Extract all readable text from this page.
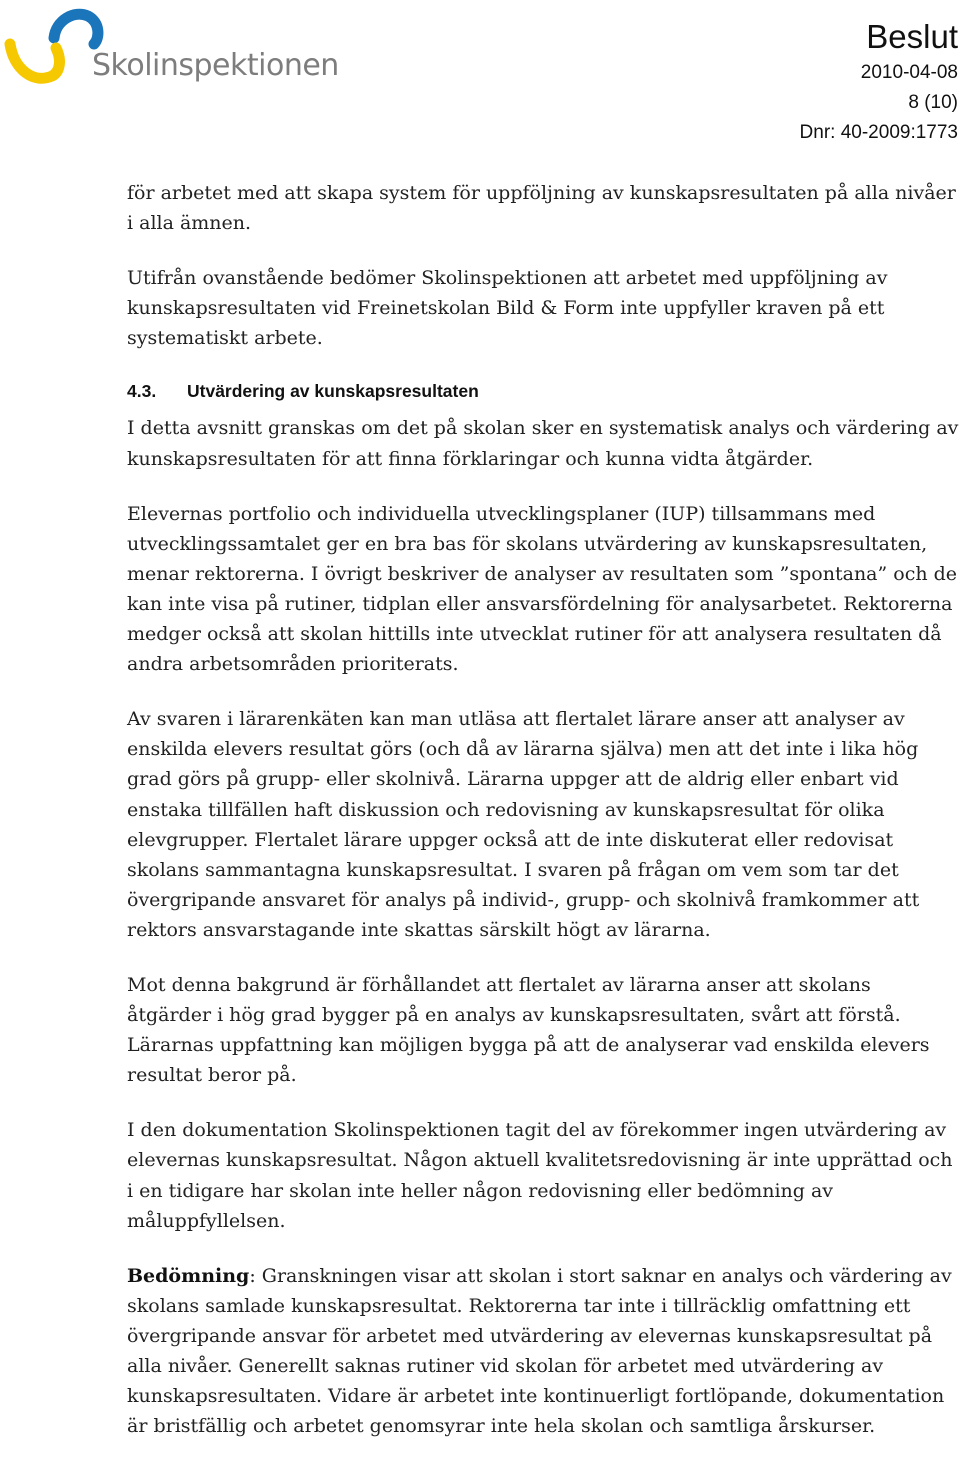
Skolinspektionen
Beslut
2010-04-08
8 (10)
Dnr: 40-2009:1773

för arbetet med att skapa system för uppföljning av kunskapsresultaten på alla nivåer i alla ämnen.

Utifrån ovanstående bedömer Skolinspektionen att arbetet med uppföljning av kunskapsresultaten vid Freinetskolan Bild & Form inte uppfyller kraven på ett systematiskt arbete.

4.3. Utvärdering av kunskapsresultaten

I detta avsnitt granskas om det på skolan sker en systematisk analys och värdering av kunskapsresultaten för att finna förklaringar och kunna vidta åtgärder.

Elevernas portfolio och individuella utvecklingsplaner (IUP) tillsammans med utvecklingssamtalet ger en bra bas för skolans utvärdering av kunskapsresultaten, menar rektorerna. I övrigt beskriver de analyser av resultaten som ”spontana” och de kan inte visa på rutiner, tidplan eller ansvarsfördelning för analysarbetet. Rektorerna medger också att skolan hittills inte utvecklat rutiner för att analysera resultaten då andra arbetsområden prioriterats.

Av svaren i lärarenkäten kan man utläsa att flertalet lärare anser att analyser av enskilda elevers resultat görs (och då av lärarna själva) men att det inte i lika hög grad görs på grupp- eller skolnivå. Lärarna uppger att de aldrig eller enbart vid enstaka tillfällen haft diskussion och redovisning av kunskapsresultat för olika elevgrupper. Flertalet lärare uppger också att de inte diskuterat eller redovisat skolans sammantagna kunskapsresultat. I svaren på frågan om vem som tar det övergripande ansvaret för analys på individ-, grupp- och skolnivå framkommer att rektors ansvarstagande inte skattas särskilt högt av lärarna.

Mot denna bakgrund är förhållandet att flertalet av lärarna anser att skolans åtgärder i hög grad bygger på en analys av kunskapsresultaten, svårt att förstå. Lärarnas uppfattning kan möjligen bygga på att de analyserar vad enskilda elevers resultat beror på.

I den dokumentation Skolinspektionen tagit del av förekommer ingen utvärdering av elevernas kunskapsresultat. Någon aktuell kvalitetsredovisning är inte upprättad och i en tidigare har skolan inte heller någon redovisning eller bedömning av måluppfyllelsen.

Bedömning: Granskningen visar att skolan i stort saknar en analys och värdering av skolans samlade kunskapsresultat. Rektorerna tar inte i tillräcklig omfattning ett övergripande ansvar för arbetet med utvärdering av elevernas kunskapsresultat på alla nivåer. Generellt saknas rutiner vid skolan för arbetet med utvärdering av kunskapsresultaten. Vidare är arbetet inte kontinuerligt fortlöpande, dokumentation är bristfällig och arbetet genomsyrar inte hela skolan och samtliga årskurser.
